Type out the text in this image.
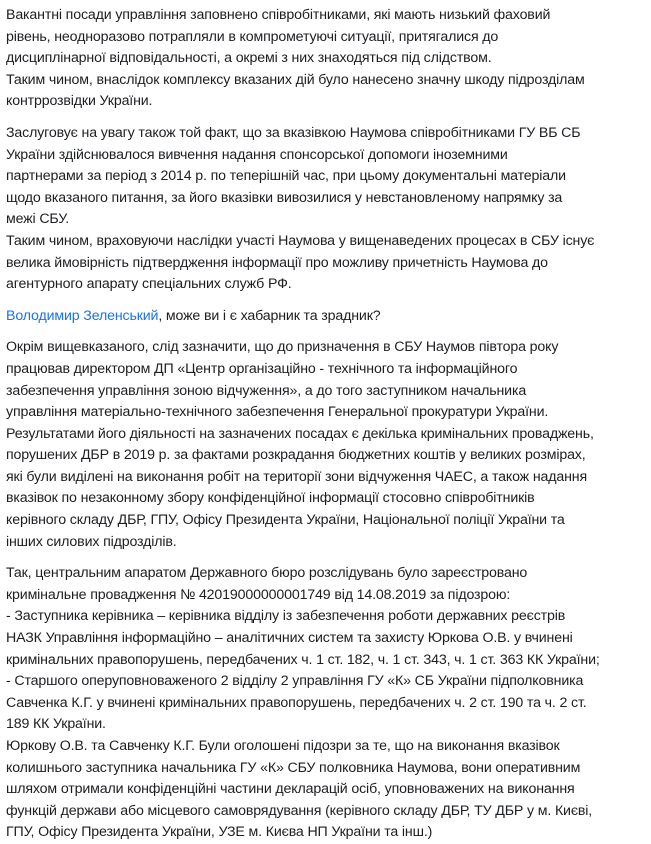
Вакантні посади управління заповнено співробітниками, які мають низький фаховий
рівень, неодноразово потрапляли в компрометуючі ситуації, притягалися до
дисциплінарної відповідальності, а окремі з них знаходяться під слідством.
Таким чином, внаслідок комплексу вказаних дій було нанесено значну шкоду підрозділам
контррозвідки України.

Заслуговує на увагу також той факт, що за вказівкою Наумова співробітниками ГУ ВБ СБ
України здійснювалося вивчення надання спонсорської допомоги іноземними
партнерами за період з 2014 р. по теперішній час, при цьому документальні матеріали
щодо вказаного питання, за його вказівки вивозилися у невстановленому напрямку за
межі СБУ.
Таким чином, враховуючи наслідки участі Наумова у вищенаведених процесах в СБУ існує
велика ймовірність підтвердження інформації про можливу причетність Наумова до
агентурного апарату спеціальних служб РФ.

Володимир Зеленський, може ви і є хабарник та зрадник?

Окрім вищевказаного, слід зазначити, що до призначення в СБУ Наумов півтора року
працював директором ДП «Центр організаційно - технічного та інформаційного
забезпечення управління зоною відчуження», а до того заступником начальника
управління матеріально-технічного забезпечення Генеральної прокуратури України.
Результатами його діяльності на зазначених посадах є декілька кримінальних проваджень,
порушених ДБР в 2019 р. за фактами розкрадання бюджетних коштів у великих розмірах,
які були виділені на виконання робіт на території зони відчуження ЧАЕС, а також надання
вказівок по незаконному збору конфіденційної інформації стосовно співробітників
керівного складу ДБР, ГПУ, Офісу Президента України, Національної поліції України та
інших силових підрозділів.

Так, центральним апаратом Державного бюро розслідувань було зареєстровано
кримінальне провадження № 42019000000001749 від 14.08.2019 за підозрою:
- Заступника керівника – керівника відділу із забезпечення роботи державних реєстрів
НАЗК Управління інформаційно – аналітичних систем та захисту Юркова О.В. у вчинені
кримінальних правопорушень, передбачених ч. 1 ст. 182, ч. 1 ст. 343, ч. 1 ст. 363 КК України;
- Старшого оперуповноваженого 2 відділу 2 управління ГУ «К» СБ України підполковника
Савченка К.Г. у вчинені кримінальних правопорушень, передбачених ч. 2 ст. 190 та ч. 2 ст.
189 КК України.
Юркову О.В. та Савченку К.Г. Були оголошені підозри за те, що на виконання вказівок
колишнього заступника начальника ГУ «К» СБУ полковника Наумова, вони оперативним
шляхом отримали конфіденційні частини декларацій осіб, уповноважених на виконання
функцій держави або місцевого самоврядування (керівного складу ДБР, ТУ ДБР у м. Києві,
ГПУ, Офісу Президента України, УЗЕ м. Києва НП України та інш.)
